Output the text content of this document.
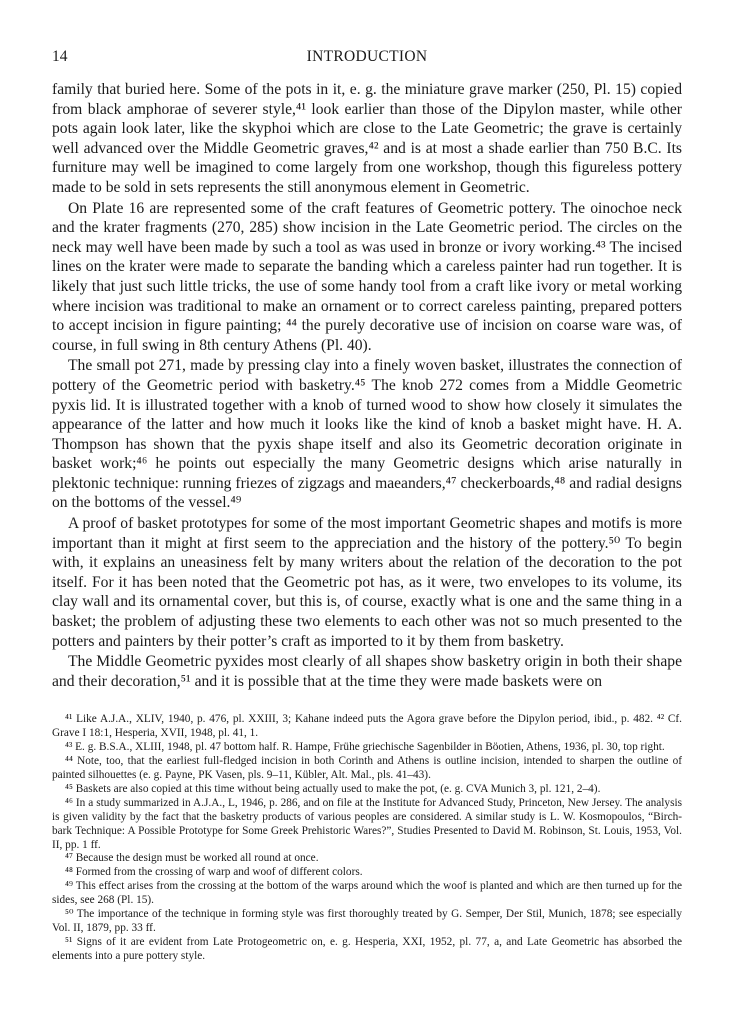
14	INTRODUCTION

family that buried here. Some of the pots in it, e. g. the miniature grave marker (250, Pl. 15) copied from black amphorae of severer style,⁴¹ look earlier than those of the Dipylon master, while other pots again look later, like the skyphoi which are close to the Late Geometric; the grave is certainly well advanced over the Middle Geometric graves,⁴² and is at most a shade earlier than 750 B.C. Its furniture may well be imagined to come largely from one workshop, though this figureless pottery made to be sold in sets represents the still anonymous element in Geometric.

On Plate 16 are represented some of the craft features of Geometric pottery. The oinochoe neck and the krater fragments (270, 285) show incision in the Late Geometric period. The circles on the neck may well have been made by such a tool as was used in bronze or ivory working.⁴³ The incised lines on the krater were made to separate the banding which a careless painter had run together. It is likely that just such little tricks, the use of some handy tool from a craft like ivory or metal working where incision was traditional to make an ornament or to correct careless painting, prepared potters to accept incision in figure painting; ⁴⁴ the purely decorative use of incision on coarse ware was, of course, in full swing in 8th century Athens (Pl. 40).

The small pot 271, made by pressing clay into a finely woven basket, illustrates the connection of pottery of the Geometric period with basketry.⁴⁵ The knob 272 comes from a Middle Geometric pyxis lid. It is illustrated together with a knob of turned wood to show how closely it simulates the appearance of the latter and how much it looks like the kind of knob a basket might have. H. A. Thompson has shown that the pyxis shape itself and also its Geometric decoration originate in basket work;⁴⁶ he points out especially the many Geometric designs which arise naturally in plektonic technique: running friezes of zigzags and maeanders,⁴⁷ checkerboards,⁴⁸ and radial designs on the bottoms of the vessel.⁴⁹

A proof of basket prototypes for some of the most important Geometric shapes and motifs is more important than it might at first seem to the appreciation and the history of the pottery.⁵⁰ To begin with, it explains an uneasiness felt by many writers about the relation of the decoration to the pot itself. For it has been noted that the Geometric pot has, as it were, two envelopes to its volume, its clay wall and its ornamental cover, but this is, of course, exactly what is one and the same thing in a basket; the problem of adjusting these two elements to each other was not so much presented to the potters and painters by their potter’s craft as imported to it by them from basketry.

The Middle Geometric pyxides most clearly of all shapes show basketry origin in both their shape and their decoration,⁵¹ and it is possible that at the time they were made baskets were on

⁴¹ Like A.J.A., XLIV, 1940, p. 476, pl. XXIII, 3; Kahane indeed puts the Agora grave before the Dipylon period, ibid., p. 482. ⁴² Cf. Grave I 18:1, Hesperia, XVII, 1948, pl. 41, 1.

⁴³ E. g. B.S.A., XLIII, 1948, pl. 47 bottom half. R. Hampe, Frühe griechische Sagenbilder in Böotien, Athens, 1936, pl. 30, top right.

⁴⁴ Note, too, that the earliest full-fledged incision in both Corinth and Athens is outline incision, intended to sharpen the outline of painted silhouettes (e. g. Payne, PK Vasen, pls. 9–11, Kübler, Alt. Mal., pls. 41–43).

⁴⁵ Baskets are also copied at this time without being actually used to make the pot, (e. g. CVA Munich 3, pl. 121, 2–4).

⁴⁶ In a study summarized in A.J.A., L, 1946, p. 286, and on file at the Institute for Advanced Study, Princeton, New Jersey. The analysis is given validity by the fact that the basketry products of various peoples are considered. A similar study is L. W. Kosmopoulos, “Birch-bark Technique: A Possible Prototype for Some Greek Prehistoric Wares?”, Studies Presented to David M. Robinson, St. Louis, 1953, Vol. II, pp. 1 ff.

⁴⁷ Because the design must be worked all round at once.

⁴⁸ Formed from the crossing of warp and woof of different colors.

⁴⁹ This effect arises from the crossing at the bottom of the warps around which the woof is planted and which are then turned up for the sides, see 268 (Pl. 15).

⁵⁰ The importance of the technique in forming style was first thoroughly treated by G. Semper, Der Stil, Munich, 1878; see especially Vol. II, 1879, pp. 33 ff.

⁵¹ Signs of it are evident from Late Protogeometric on, e. g. Hesperia, XXI, 1952, pl. 77, a, and Late Geometric has absorbed the elements into a pure pottery style.
